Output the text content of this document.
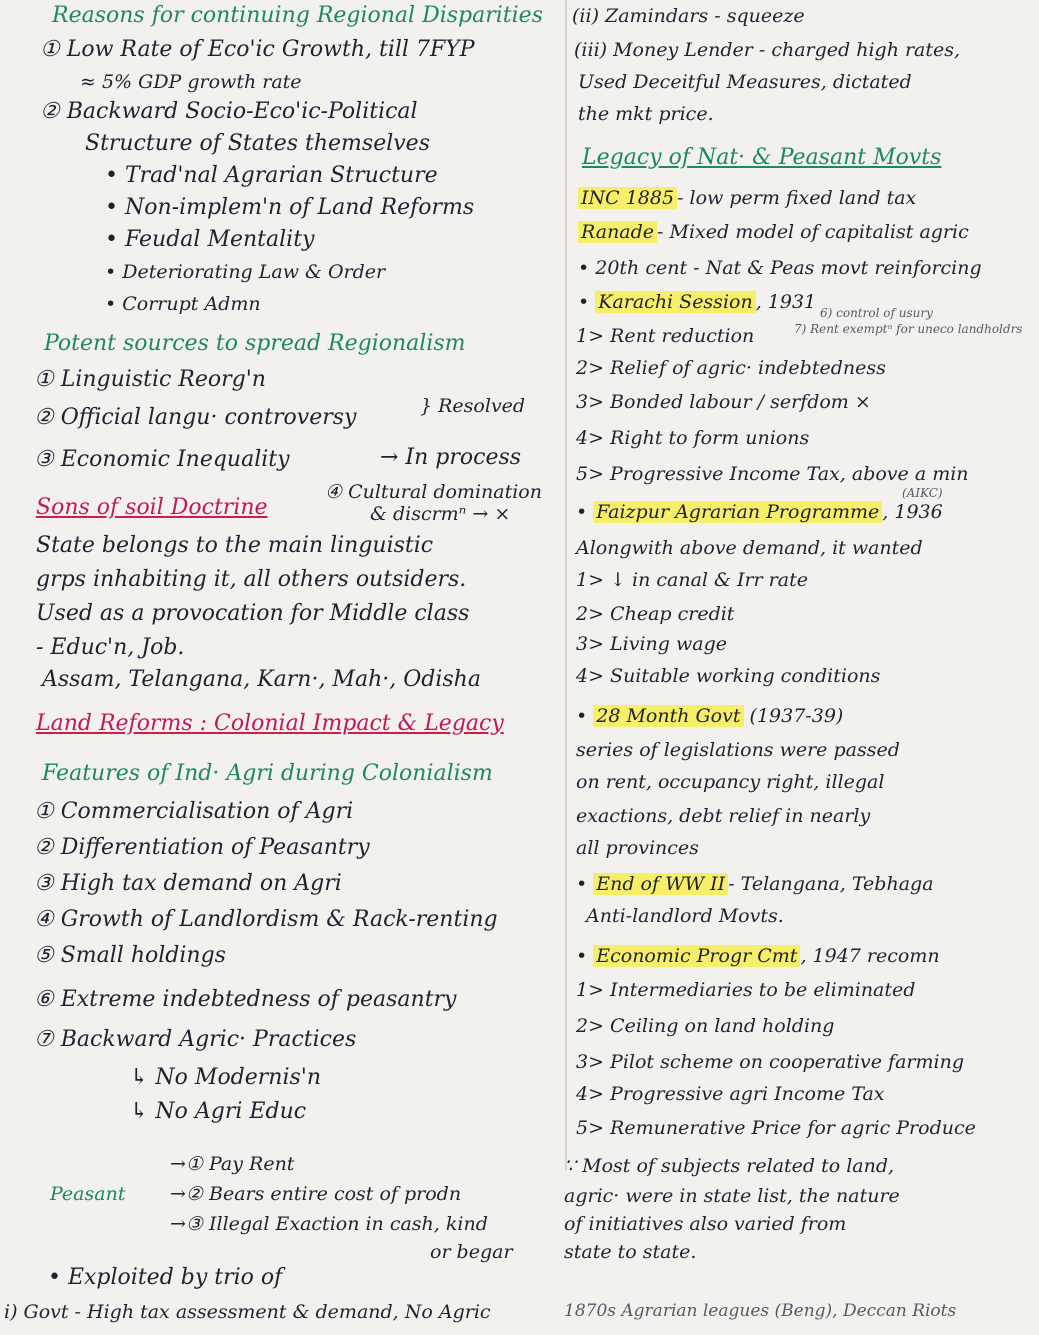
Reasons for continuing Regional Disparities
① Low Rate of Eco'ic Growth, till 7FYP
≈ 5% GDP growth rate
② Backward Socio-Eco'ic-Political
Structure of States themselves
• Trad'nal Agrarian Structure
• Non-implem'n of Land Reforms
• Feudal Mentality
• Deteriorating Law & Order
• Corrupt Admn
Potent sources to spread Regionalism
① Linguistic Reorg'n
② Official langu· controversy	} Resolved
③ Economic Inequality	→ In process
④ Cultural domination
& discrmⁿ → ×
Sons of soil Doctrine
State belongs to the main linguistic
grps inhabiting it, all others outsiders.
Used as a provocation for Middle class
- Educ'n, Job.
Assam, Telangana, Karn·, Mah·, Odisha
Land Reforms : Colonial Impact & Legacy
Features of Ind· Agri during Colonialism
① Commercialisation of Agri
② Differentiation of Peasantry
③ High tax demand on Agri
④ Growth of Landlordism & Rack-renting
⑤ Small holdings
⑥ Extreme indebtedness of peasantry
⑦ Backward Agric· Practices
↳ No Modernis'n
↳ No Agri Educ
Peasant
→① Pay Rent
→② Bears entire cost of prodn
→③ Illegal Exaction in cash, kind
or begar
• Exploited by trio of
i) Govt - High tax assessment & demand, No Agric
(ii) Zamindars - squeeze
(iii) Money Lender - charged high rates,
Used Deceitful Measures, dictated
the mkt price.
Legacy of Nat· & Peasant Movts
INC 1885 - low perm fixed land tax
Ranade - Mixed model of capitalist agric
• 20th cent - Nat & Peas movt reinforcing
• Karachi Session , 1931 6) control of usury
7) Rent exemptⁿ for uneco landholdrs
1> Rent reduction
2> Relief of agric· indebtedness
3> Bonded labour / serfdom ×
4> Right to form unions
5> Progressive Income Tax, above a min
(AIKC)
• Faizpur Agrarian Programme , 1936
Alongwith above demand, it wanted
1> ↓ in canal & Irr rate
2> Cheap credit
3> Living wage
4> Suitable working conditions
• 28 Month Govt (1937-39)
series of legislations were passed
on rent, occupancy right, illegal
exactions, debt relief in nearly
all provinces
• End of WW II - Telangana, Tebhaga
Anti-landlord Movts.
• Economic Progr Cmt , 1947 recomn
1> Intermediaries to be eliminated
2> Ceiling on land holding
3> Pilot scheme on cooperative farming
4> Progressive agri Income Tax
5> Remunerative Price for agric Produce
∵ Most of subjects related to land,
agric· were in state list, the nature
of initiatives also varied from
state to state.
1870s Agrarian leagues (Beng), Deccan Riots
